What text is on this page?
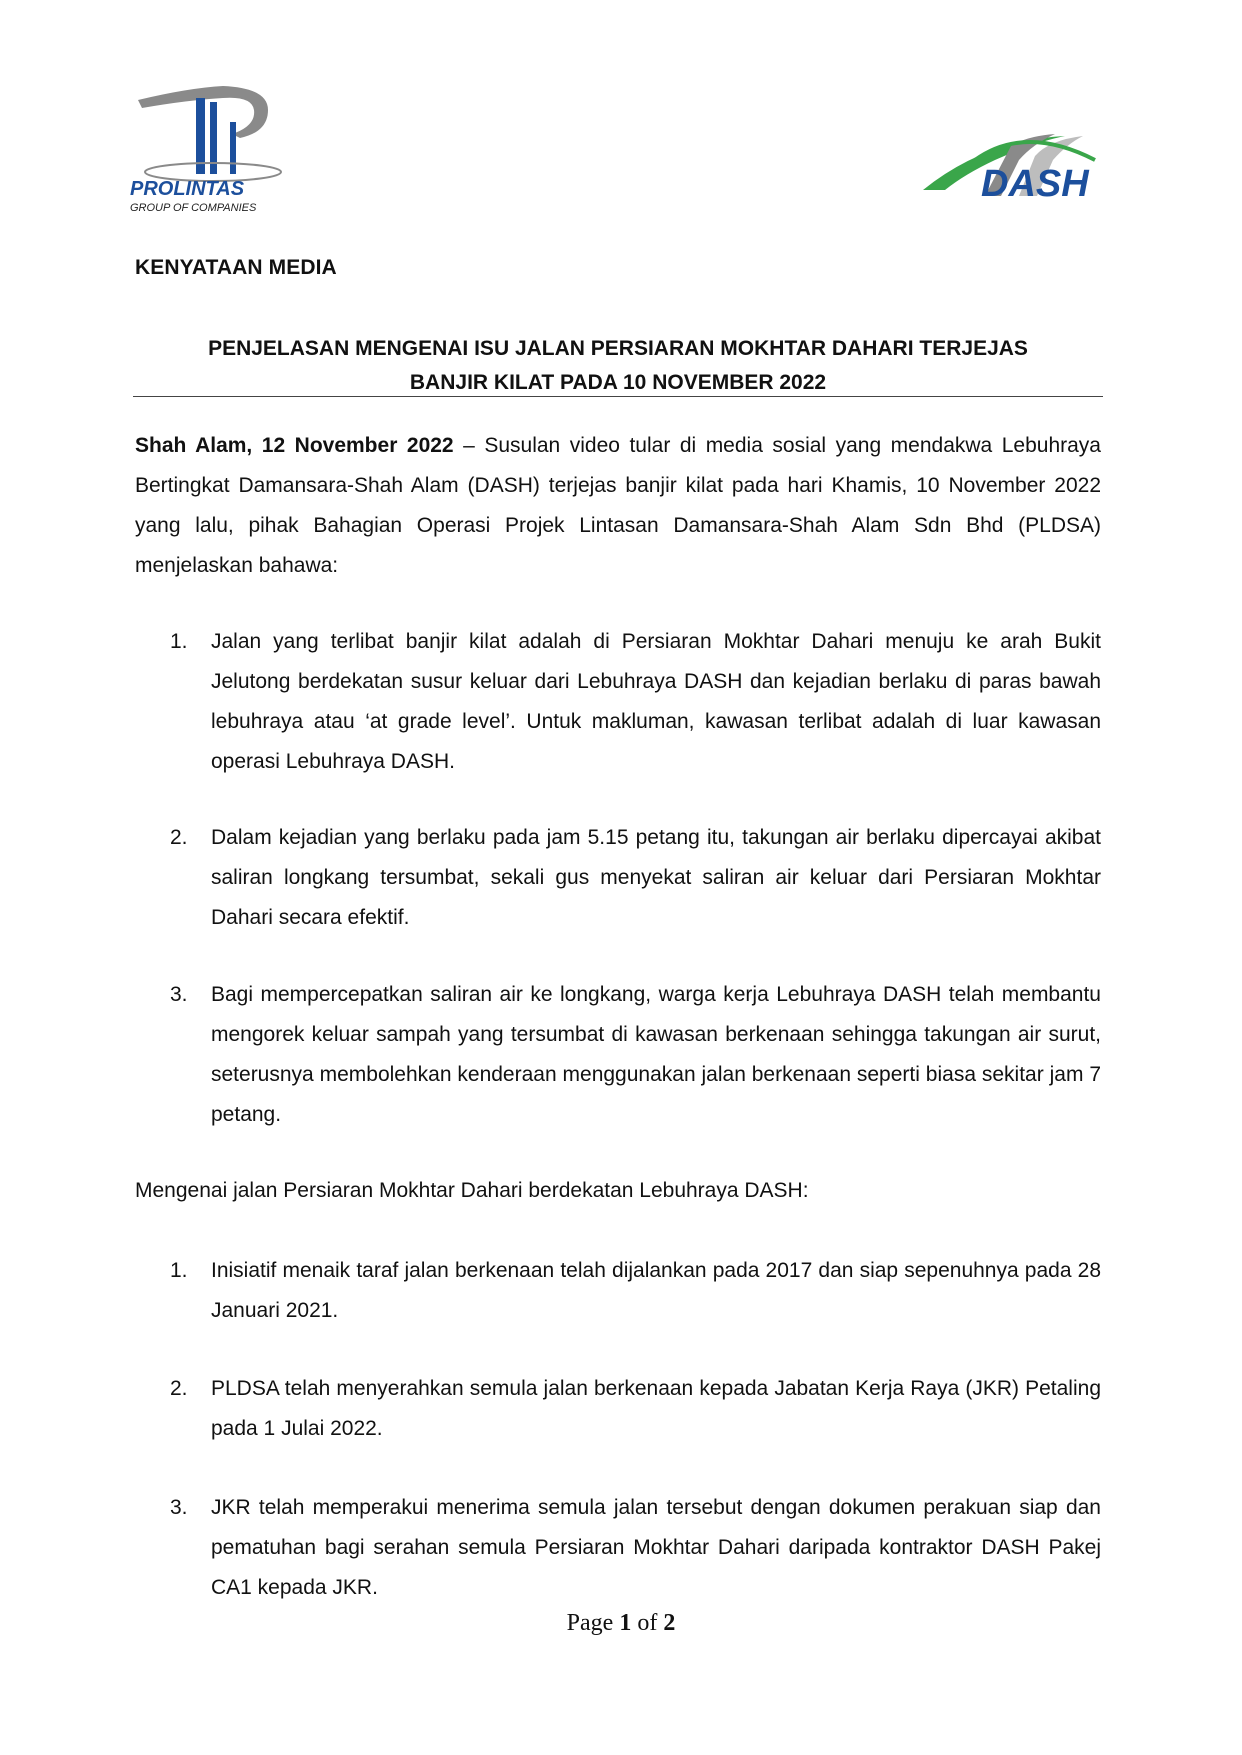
PROLINTAS
GROUP OF COMPANIES
DASH
KENYATAAN MEDIA
PENJELASAN MENGENAI ISU JALAN PERSIARAN MOKHTAR DAHARI TERJEJAS
BANJIR KILAT PADA 10 NOVEMBER 2022
Shah Alam, 12 November 2022 – Susulan video tular di media sosial yang mendakwa Lebuhraya Bertingkat Damansara-Shah Alam (DASH) terjejas banjir kilat pada hari Khamis, 10 November 2022 yang lalu, pihak Bahagian Operasi Projek Lintasan Damansara-Shah Alam Sdn Bhd (PLDSA) menjelaskan bahawa:
1.	Jalan yang terlibat banjir kilat adalah di Persiaran Mokhtar Dahari menuju ke arah Bukit Jelutong berdekatan susur keluar dari Lebuhraya DASH dan kejadian berlaku di paras bawah lebuhraya atau ‘at grade level’. Untuk makluman, kawasan terlibat adalah di luar kawasan operasi Lebuhraya DASH.
2.	Dalam kejadian yang berlaku pada jam 5.15 petang itu, takungan air berlaku dipercayai akibat saliran longkang tersumbat, sekali gus menyekat saliran air keluar dari Persiaran Mokhtar Dahari secara efektif.
3.	Bagi mempercepatkan saliran air ke longkang, warga kerja Lebuhraya DASH telah membantu mengorek keluar sampah yang tersumbat di kawasan berkenaan sehingga takungan air surut, seterusnya membolehkan kenderaan menggunakan jalan berkenaan seperti biasa sekitar jam 7 petang.
Mengenai jalan Persiaran Mokhtar Dahari berdekatan Lebuhraya DASH:
1.	Inisiatif menaik taraf jalan berkenaan telah dijalankan pada 2017 dan siap sepenuhnya pada 28 Januari 2021.
2.	PLDSA telah menyerahkan semula jalan berkenaan kepada Jabatan Kerja Raya (JKR) Petaling pada 1 Julai 2022.
3.	JKR telah memperakui menerima semula jalan tersebut dengan dokumen perakuan siap dan pematuhan bagi serahan semula Persiaran Mokhtar Dahari daripada kontraktor DASH Pakej CA1 kepada JKR.
Page 1 of 2
